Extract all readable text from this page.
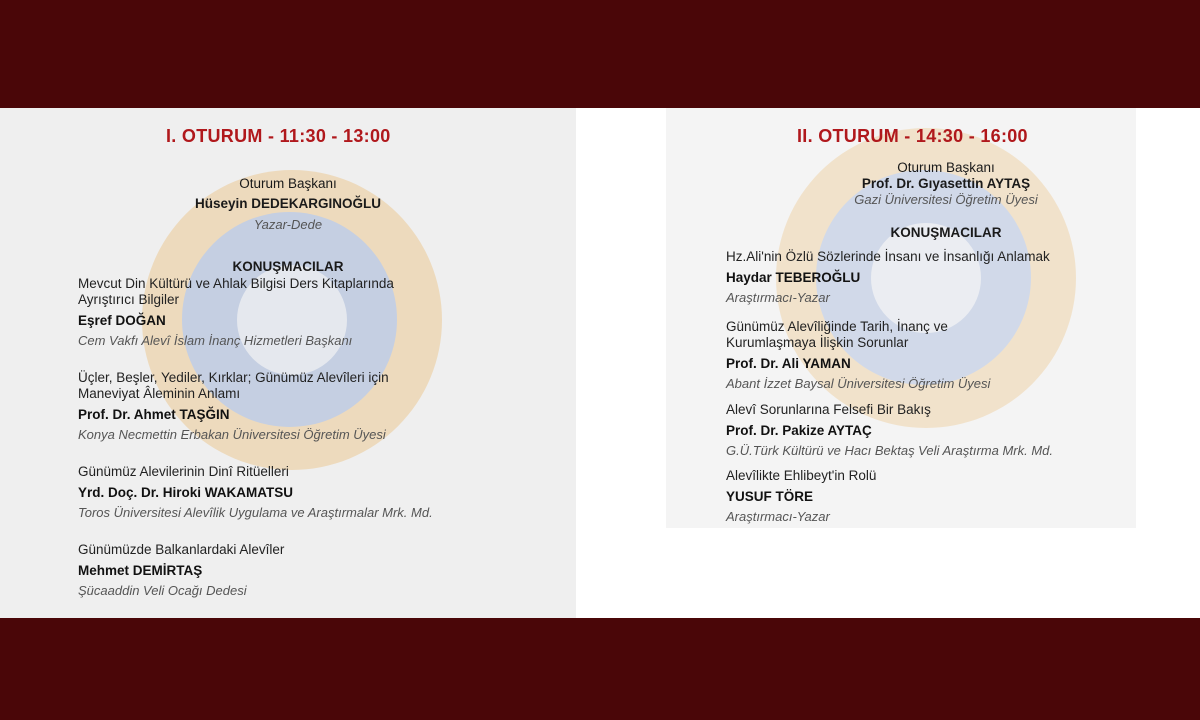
I. OTURUM - 11:30 - 13:00
Oturum Başkanı
Hüseyin DEDEKARGINOĞLU
Yazar-Dede
KONUŞMACILAR
Mevcut Din Kültürü ve Ahlak Bilgisi Ders Kitaplarında
Ayrıştırıcı Bilgiler
Eşref DOĞAN
Cem Vakfı Alevî İslam İnanç Hizmetleri Başkanı
Üçler, Beşler, Yediler, Kırklar; Günümüz Alevîleri için
Maneviyat Âleminin Anlamı
Prof. Dr. Ahmet TAŞĞIN
Konya Necmettin Erbakan Üniversitesi Öğretim Üyesi
Günümüz Alevilerinin Dinî Ritüelleri
Yrd. Doç. Dr. Hiroki WAKAMATSU
Toros Üniversitesi Alevîlik Uygulama ve Araştırmalar Mrk. Md.
Günümüzde Balkanlardaki Alevîler
Mehmet DEMİRTAŞ
Şücaaddin Veli Ocağı Dedesi
II. OTURUM - 14:30 - 16:00
Oturum Başkanı
Prof. Dr. Gıyasettin AYTAŞ
Gazi Üniversitesi Öğretim Üyesi
KONUŞMACILAR
Hz.Ali'nin Özlü Sözlerinde İnsanı ve İnsanlığı Anlamak
Haydar TEBEROĞLU
Araştırmacı-Yazar
Günümüz Alevîliğinde Tarih, İnanç ve
Kurumlaşmaya İlişkin Sorunlar
Prof. Dr. Ali YAMAN
Abant İzzet Baysal Üniversitesi Öğretim Üyesi
Alevî Sorunlarına Felsefi Bir Bakış
Prof. Dr. Pakize AYTAÇ
G.Ü.Türk Kültürü ve Hacı Bektaş Veli Araştırma Mrk. Md.
Alevîlikte Ehlibeyt'in Rolü
YUSUF TÖRE
Araştırmacı-Yazar
